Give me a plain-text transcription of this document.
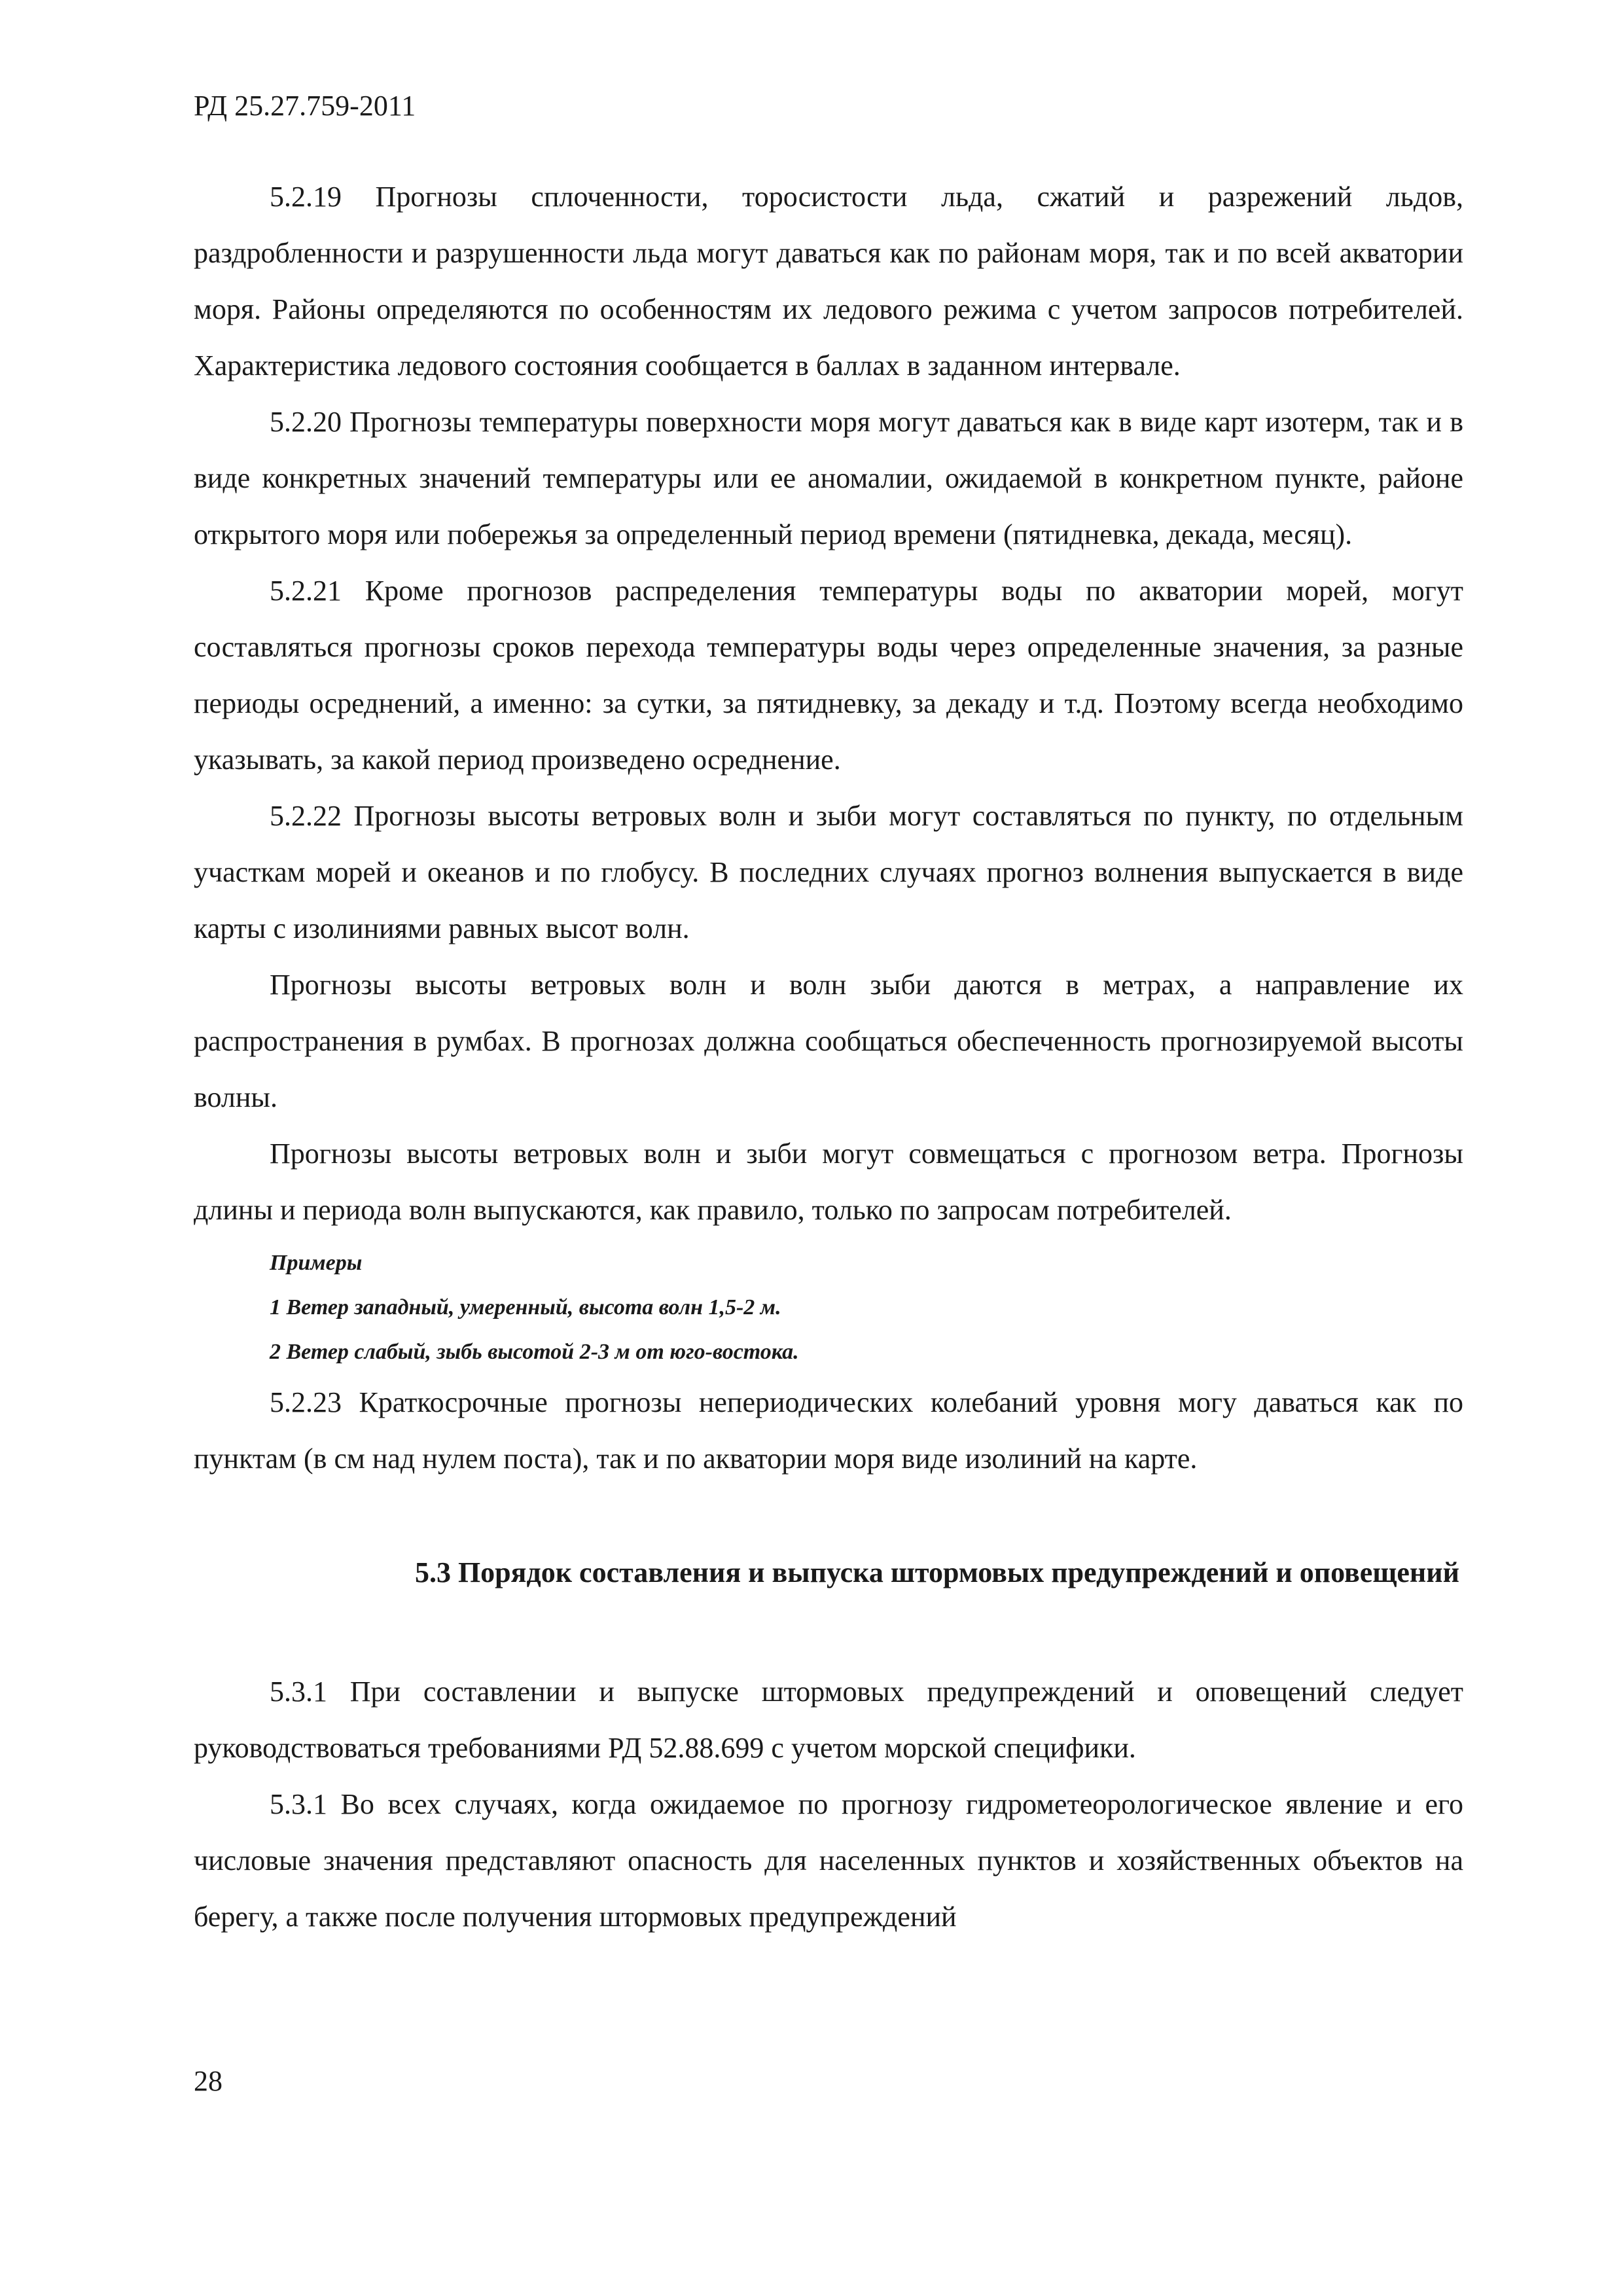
РД 25.27.759-2011

5.2.19 Прогнозы сплоченности, торосистости льда, сжатий и разрежений льдов, раздробленности и разрушенности льда могут даваться как по районам моря, так и по всей акватории моря. Районы определяются по особенностям их ледового режима с учетом запросов потребителей. Характеристика ледового состояния сообщается в баллах в заданном интервале.

5.2.20 Прогнозы температуры поверхности моря могут даваться как в виде карт изотерм, так и в виде конкретных значений температуры или ее аномалии, ожидаемой в конкретном пункте, районе открытого моря или побережья за определенный период времени (пятидневка, декада, месяц).

5.2.21 Кроме прогнозов распределения температуры воды по акватории морей, могут составляться прогнозы сроков перехода температуры воды через определенные значения, за разные периоды осреднений, а именно: за сутки, за пятидневку, за декаду и т.д. Поэтому всегда необходимо указывать, за какой период произведено осреднение.

5.2.22 Прогнозы высоты ветровых волн и зыби могут составляться по пункту, по отдельным участкам морей и океанов и по глобусу. В последних случаях прогноз волнения выпускается в виде карты с изолиниями равных высот волн.

Прогнозы высоты ветровых волн и волн зыби даются в метрах, а направление их распространения в румбах. В прогнозах должна сообщаться обеспеченность прогнозируемой высоты волны.

Прогнозы высоты ветровых волн и зыби могут совмещаться с прогнозом ветра. Прогнозы длины и периода волн выпускаются, как правило, только по запросам потребителей.

Примеры

1 Ветер западный, умеренный, высота волн 1,5-2 м.

2 Ветер слабый, зыбь высотой 2-3 м от юго-востока.

5.2.23 Краткосрочные прогнозы непериодических колебаний уровня могу даваться как по пунктам (в см над нулем поста), так и по акватории моря виде изолиний на карте.

5.3 Порядок составления и выпуска штормовых предупреждений и оповещений

5.3.1 При составлении и выпуске штормовых предупреждений и оповещений следует руководствоваться требованиями РД 52.88.699 с учетом морской специфики.

5.3.1 Во всех случаях, когда ожидаемое по прогнозу гидрометеорологическое явление и его числовые значения представляют опасность для населенных пунктов и хозяйственных объектов на берегу, а также после получения штормовых предупреждений

28
